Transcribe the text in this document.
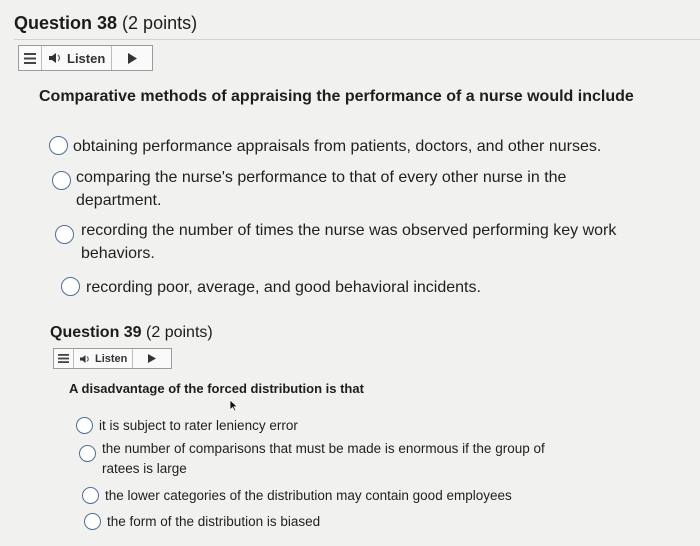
Question 38 (2 points)
Listen
Comparative methods of appraising the performance of a nurse would include
obtaining performance appraisals from patients, doctors, and other nurses.
comparing the nurse's performance to that of every other nurse in the department.
recording the number of times the nurse was observed performing key work behaviors.
recording poor, average, and good behavioral incidents.
Question 39 (2 points)
Listen
A disadvantage of the forced distribution is that
it is subject to rater leniency error
the number of comparisons that must be made is enormous if the group of ratees is large
the lower categories of the distribution may contain good employees
the form of the distribution is biased
